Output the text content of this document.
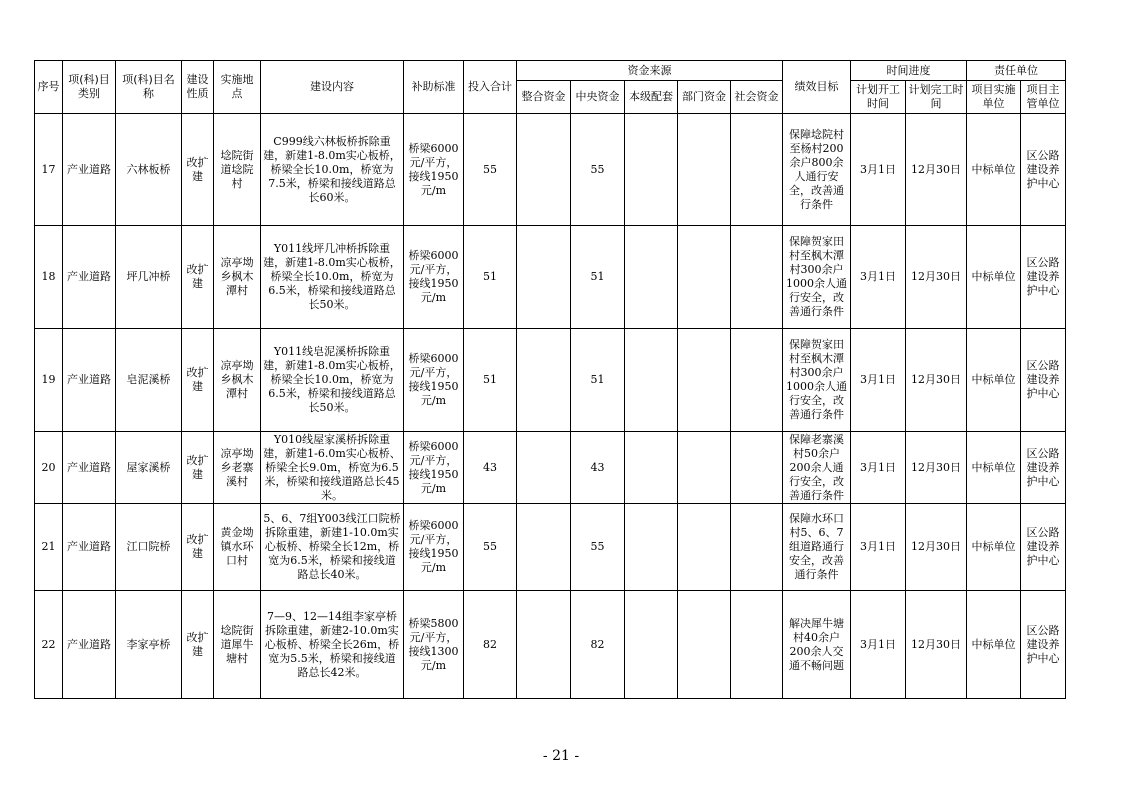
序号	项(科)目类别	项(科)目名称	建设性质	实施地点	建设内容	补助标准	投入合计	资金来源					绩效目标	时间进度		责任单位	
								整合资金	中央资金	本级配套	部门资金	社会资金		计划开工时间	计划完工时间	项目实施单位	项目主管单位
17	产业道路	六林板桥	改扩建	埝院街道埝院村	C999线六林板桥拆除重建，新建1-8.0m实心板桥，桥梁全长10.0m，桥宽为7.5米，桥梁和接线道路总长60米。	桥梁6000元/平方，接线1950元/m	55		55				保障埝院村至杨村200余户800余人通行安全，改善通行条件	3月1日	12月30日	中标单位	区公路建设养护中心
18	产业道路	坪几冲桥	改扩建	凉亭坳乡枫木潭村	Y011线坪几冲桥拆除重建，新建1-8.0m实心板桥，桥梁全长10.0m，桥宽为6.5米，桥梁和接线道路总长50米。	桥梁6000元/平方，接线1950元/m	51		51				保障贺家田村至枫木潭村300余户1000余人通行安全，改善通行条件	3月1日	12月30日	中标单位	区公路建设养护中心
19	产业道路	皂泥溪桥	改扩建	凉亭坳乡枫木潭村	Y011线皂泥溪桥拆除重建，新建1-8.0m实心板桥，桥梁全长10.0m，桥宽为6.5米，桥梁和接线道路总长50米。	桥梁6000元/平方，接线1950元/m	51		51				保障贺家田村至枫木潭村300余户1000余人通行安全，改善通行条件	3月1日	12月30日	中标单位	区公路建设养护中心
20	产业道路	屋家溪桥	改扩建	凉亭坳乡老寨溪村	Y010线屋家溪桥拆除重建，新建1-6.0m实心板桥、桥梁全长9.0m，桥宽为6.5米，桥梁和接线道路总长45米。	桥梁6000元/平方，接线1950元/m	43		43				保障老寨溪村50余户200余人通行安全，改善通行条件	3月1日	12月30日	中标单位	区公路建设养护中心
21	产业道路	江口院桥	改扩建	黄金坳镇水环口村	5、6、7组Y003线江口院桥拆除重建，新建1-10.0m实心板桥、桥梁全长12m，桥宽为6.5米，桥梁和接线道路总长40米。	桥梁6000元/平方，接线1950元/m	55		55				保障水环口村5、6、7组道路通行安全，改善通行条件	3月1日	12月30日	中标单位	区公路建设养护中心
22	产业道路	李家亭桥	改扩建	埝院街道犀牛塘村	7—9、12—14组李家亭桥拆除重建，新建2-10.0m实心板桥、桥梁全长26m，桥宽为5.5米，桥梁和接线道路总长42米。	桥梁5800元/平方，接线1300元/m	82		82				解决犀牛塘村40余户200余人交通不畅问题	3月1日	12月30日	中标单位	区公路建设养护中心
- 21 -
